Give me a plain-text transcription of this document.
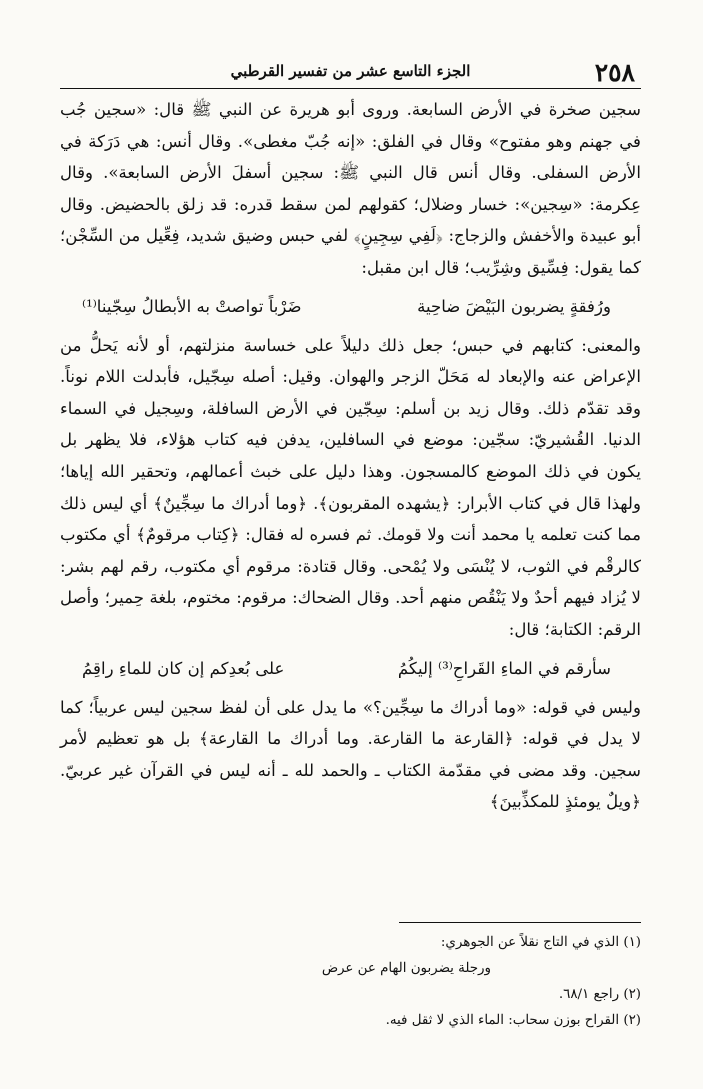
٢٥٨
الجزء التاسع عشر من تفسير القرطبي

سجين صخرة في الأرض السابعة. وروى أبو هريرة عن النبي ﷺ قال: «سجين جُب في جهنم وهو مفتوح» وقال في الفلق: «إنه جُبّ مغطى». وقال أنس: هي دَرَكة في الأرض السفلى. وقال أنس قال النبي ﷺ: سجين أسفلَ الأرض السابعة». وقال عِكرمة: «سِجين»: خسار وضلال؛ كقولهم لمن سقط قدره: قد زلق بالحضيض. وقال أبو عبيدة والأخفش والزجاج: ﴿لَفِي سِجِينٍ﴾ لفي حبس وضيق شديد، فِعِّيل من السِّجْن؛ كما يقول: فِسِّيق وشِرِّيب؛ قال ابن مقبل:

ورُفقةٍ يضربون البَيْضَ ضاحِية
ضَرْباً تواصتْ به الأبطالُ سِجّينا⁽¹⁾

والمعنى: كتابهم في حبس؛ جعل ذلك دليلاً على خساسة منزلتهم، أو لأنه يَحلُّ من الإعراض عنه والإبعاد له مَحَلّ الزجر والهوان. وقيل: أصله سِجّيل، فأبدلت اللام نوناً. وقد تقدّم ذلك. وقال زيد بن أسلم: سِجّين في الأرض السافلة، وسِجيل في السماء الدنيا. القُشيريّ: سجّين: موضع في السافلين، يدفن فيه كتاب هؤلاء، فلا يظهر بل يكون في ذلك الموضع كالمسجون. وهذا دليل على خبث أعمالهم، وتحقير الله إياها؛ ولهذا قال في كتاب الأبرار: ﴿يشهده المقربون﴾. ﴿وما أدراك ما سِجِّينٌ﴾ أي ليس ذلك مما كنت تعلمه يا محمد أنت ولا قومك. ثم فسره له فقال: ﴿كِتاب مرقومٌ﴾ أي مكتوب كالرقْم في الثوب، لا يُنْسَى ولا يُمْحى. وقال قتادة: مرقوم أي مكتوب، رقم لهم بشر: لا يُزاد فيهم أحدٌ ولا يَنْقُص منهم أحد. وقال الضحاك: مرقوم: مختوم، بلغة حِمير؛ وأصل الرقم: الكتابة؛ قال:

سأرقم في الماءِ القَراحِ⁽³⁾ إليكُمُ
على بُعدِكم إن كان للماءِ راقِمُ

وليس في قوله: «وما أدراك ما سِجِّين؟» ما يدل على أن لفظ سجين ليس عربياً؛ كما لا يدل في قوله: ﴿القارعة ما القارعة. وما أدراك ما القارعة﴾ بل هو تعظيم لأمر سجين. وقد مضى في مقدّمة الكتاب ـ والحمد لله ـ أنه ليس في القرآن غير عربيّ. ﴿ويلٌ يومئذٍ للمكذِّبينَ﴾

(١) الذي في التاج نقلاً عن الجوهري:
ورجلة يضربون الهام عن عرض
(٢) راجع ٦٨/١.
(٢) القراح بوزن سحاب: الماء الذي لا ثقل فيه.
